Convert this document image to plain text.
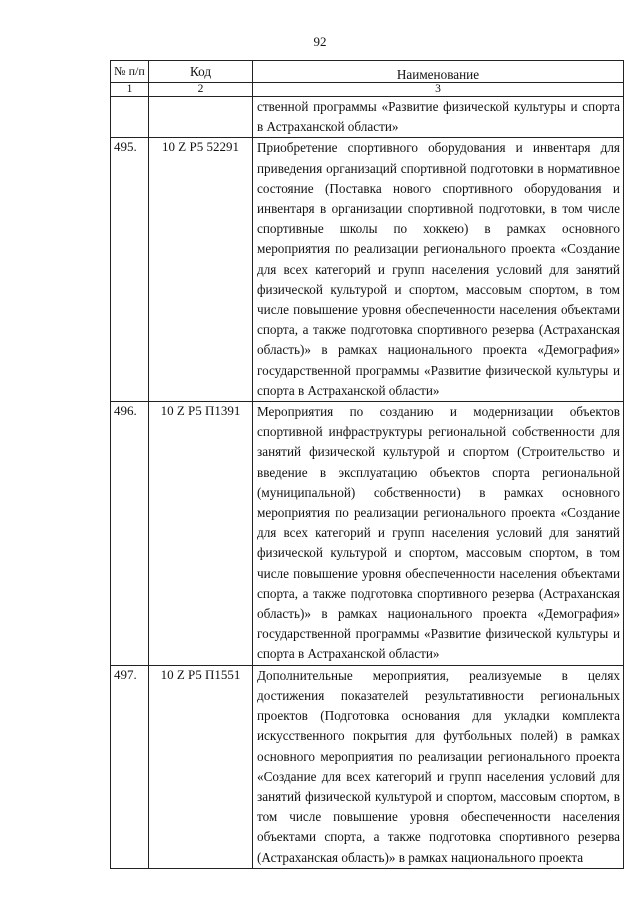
92
№ п/п	Код	Наименование
1	2	3
		ственной программы «Развитие физической культуры и спорта в Астраханской области»
495.	10 Z P5 52291	Приобретение спортивного оборудования и инвентаря для приведения организаций спортивной подготовки в нормативное состояние (Поставка нового спортивного оборудования и инвентаря в организации спортивной подготовки, в том числе спортивные школы по хоккею) в рамках основного мероприятия по реализации регионального проекта «Создание для всех категорий и групп населения условий для занятий физической культурой и спортом, массовым спортом, в том числе повышение уровня обеспеченности населения объектами спорта, а также подготовка спортивного резерва (Астраханская область)» в рамках национального проекта «Демография» государственной программы «Развитие физической культуры и спорта в Астраханской области»
496.	10 Z P5 П1391	Мероприятия по созданию и модернизации объектов спортивной инфраструктуры региональной собственности для занятий физической культурой и спортом (Строительство и введение в эксплуатацию объектов спорта региональной (муниципальной) собственности) в рамках основного мероприятия по реализации регионального проекта «Создание для всех категорий и групп населения условий для занятий физической культурой и спортом, массовым спортом, в том числе повышение уровня обеспеченности населения объектами спорта, а также подготовка спортивного резерва (Астраханская область)» в рамках национального проекта «Демография» государственной программы «Развитие физической культуры и спорта в Астраханской области»
497.	10 Z P5 П1551	Дополнительные мероприятия, реализуемые в целях достижения показателей результативности региональных проектов (Подготовка основания для укладки комплекта искусственного покрытия для футбольных полей) в рамках основного мероприятия по реализации регионального проекта «Создание для всех категорий и групп населения условий для занятий физической культурой и спортом, массовым спортом, в том числе повышение уровня обеспеченности населения объектами спорта, а также подготовка спортивного резерва (Астраханская область)» в рамках национального проекта
